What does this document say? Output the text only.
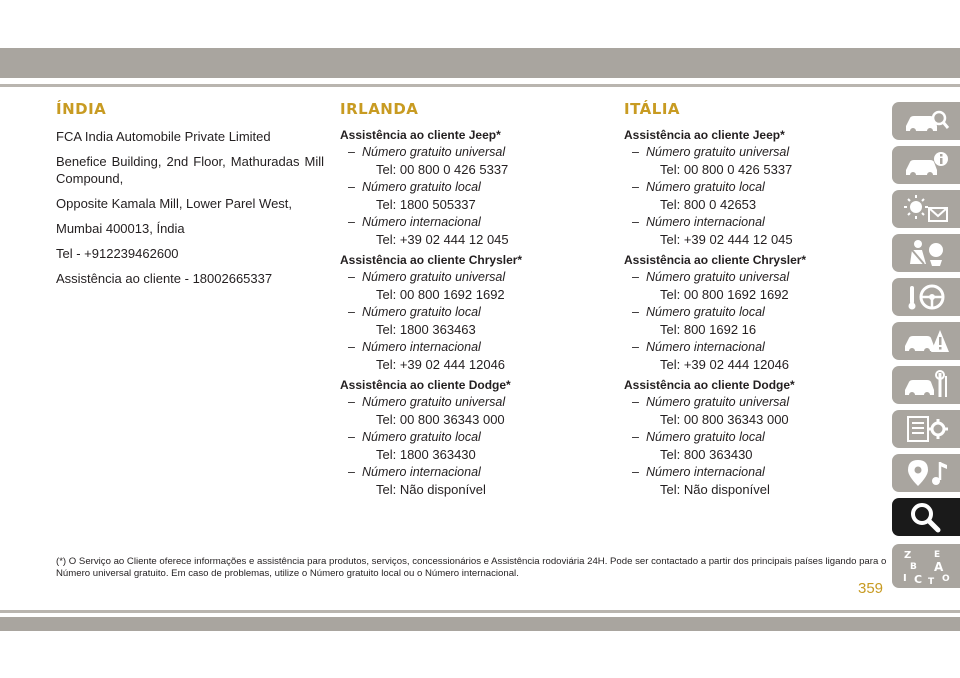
ÍNDIA

FCA India Automobile Private Limited

Benefice Building, 2nd Floor, Mathuradas Mill Compound,

Opposite Kamala Mill, Lower Parel West,

Mumbai 400013, Índia

Tel - +912239462600

Assistência ao cliente - 18002665337

IRLANDA
Assistência ao cliente Jeep*
– Número gratuito universal
Tel: 00 800 0 426 5337
– Número gratuito local
Tel: 1800 505337
– Número internacional
Tel: +39 02 444 12 045
Assistência ao cliente Chrysler*
– Número gratuito universal
Tel: 00 800 1692 1692
– Número gratuito local
Tel: 1800 363463
– Número internacional
Tel: +39 02 444 12046
Assistência ao cliente Dodge*
– Número gratuito universal
Tel: 00 800 36343 000
– Número gratuito local
Tel: 1800 363430
– Número internacional
Tel: Não disponível
ITÁLIA
Assistência ao cliente Jeep*
– Número gratuito universal
Tel: 00 800 0 426 5337
– Número gratuito local
Tel: 800 0 42653
– Número internacional
Tel: +39 02 444 12 045
Assistência ao cliente Chrysler*
– Número gratuito universal
Tel: 00 800 1692 1692
– Número gratuito local
Tel: 800 1692 16
– Número internacional
Tel: +39 02 444 12046
Assistência ao cliente Dodge*
– Número gratuito universal
Tel: 00 800 36343 000
– Número gratuito local
Tel: 800 363430
– Número internacional
Tel: Não disponível
(*) O Serviço ao Cliente oferece informações e assistência para produtos, serviços, concessionários e Assistência rodoviária 24H. Pode ser contactado a partir dos principais países ligando para o Número universal gratuito. Em caso de problemas, utilize o Número gratuito local ou o Número internacional.
359
Z	E
B A
I C O
T
